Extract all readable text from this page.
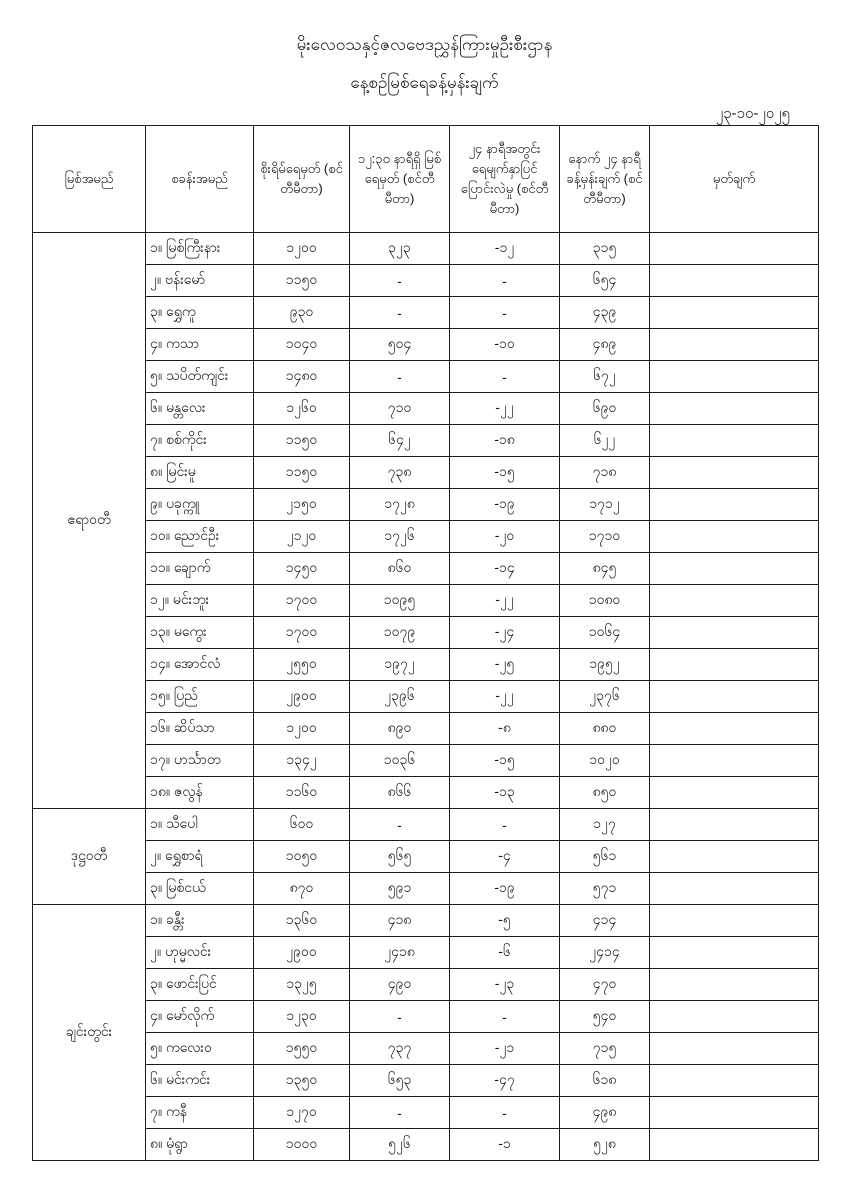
မိုးလေဝသနှင့်ဇလဗေဒညွှန်ကြားမှုဦးစီးဌာန
နေ့စဉ်မြစ်ရေခန့်မှန်းချက်
၂၃-၁၀-၂၀၂၅
မြစ်အမည်	စခန်းအမည်	စိုးရိမ်ရေမှတ် (စင်တီမီတာ)	၁၂:၃၀ နာရီရှိ မြစ်ရေမှတ် (စင်တီမီတာ)	၂၄ နာရီအတွင်း ရေမျက်နှာပြင် ပြောင်းလဲမှု (စင်တီမီတာ)	နောက် ၂၄ နာရီ ခန့်မှန်းချက် (စင်တီမီတာ)	မှတ်ချက်
ဧရာဝတီ	၁။ မြစ်ကြီးနား	၁၂၀၀	၃၂၃	-၁၂	၃၁၅	
	၂။ ဗန်းမော်	၁၁၅၀	-	-	၆၅၄	
	၃။ ရွှေကူ	၉၃၀	-	-	၄၃၉	
	၄။ ကသာ	၁၀၄၀	၅၀၄	-၁၀	၄၈၉	
	၅။ သပိတ်ကျင်း	၁၄၈၀	-	-	၆၇၂	
	၆။ မန္တလေး	၁၂၆၀	၇၁၀	-၂၂	၆၉၀	
	၇။ စစ်ကိုင်း	၁၁၅၀	၆၄၂	-၁၈	၆၂၂	
	၈။ မြင်းမူ	၁၁၅၀	၇၃၈	-၁၅	၇၁၈	
	၉။ ပခုက္ကူ	၂၁၅၀	၁၇၂၈	-၁၉	၁၇၁၂	
	၁၀။ ညောင်ဦး	၂၁၂၀	၁၇၂၆	-၂၀	၁၇၁၀	
	၁၁။ ချောက်	၁၄၅၀	၈၆၀	-၁၄	၈၄၅	
	၁၂။ မင်းဘူး	၁၇၀၀	၁၀၉၅	-၂၂	၁၀၈၀	
	၁၃။ မကွေး	၁၇၀၀	၁၀၇၉	-၂၄	၁၀၆၄	
	၁၄။ အောင်လံ	၂၅၅၀	၁၉၇၂	-၂၅	၁၉၅၂	
	၁၅။ ပြည်	၂၉၀၀	၂၃၉၆	-၂၂	၂၃၇၆	
	၁၆။ ဆိပ်သာ	၁၂၀၀	၈၉၀	-၈	၈၈၀	
	၁၇။ ဟင်္သာတ	၁၃၄၂	၁၀၃၆	-၁၅	၁၀၂၀	
	၁၈။ ဇလွန်	၁၁၆၀	၈၆၆	-၁၃	၈၅၀	
ဒုဋ္ဌဝတီ	၁။ သီပေါ	၆၀၀	-	-	၁၂၇	
	၂။ ရွှေစာရံ	၁၀၅၀	၅၆၅	-၄	၅၆၁	
	၃။ မြစ်ငယ်	၈၇၀	၅၉၁	-၁၉	၅၇၁	
ချင်းတွင်း	၁။ ခန္တီး	၁၃၆၀	၄၁၈	-၅	၄၁၄	
	၂။ ဟုမ္မလင်း	၂၉၀၀	၂၄၁၈	-၆	၂၄၁၄	
	၃။ ဖောင်းပြင်	၁၃၂၅	၄၉၀	-၂၃	၄၇၀	
	၄။ မော်လိုက်	၁၂၃၀	-	-	၅၄၀	
	၅။ ကလေးဝ	၁၅၅၀	၇၃၇	-၂၁	၇၁၅	
	၆။ မင်းကင်း	၁၃၅၀	၆၅၃	-၄၇	၆၁၈	
	၇။ ကနီ	၁၂၇၀	-	-	၄၉၈	
	၈။ မုံရွာ	၁၀၀၀	၅၂၆	-၁	၅၂၈	
